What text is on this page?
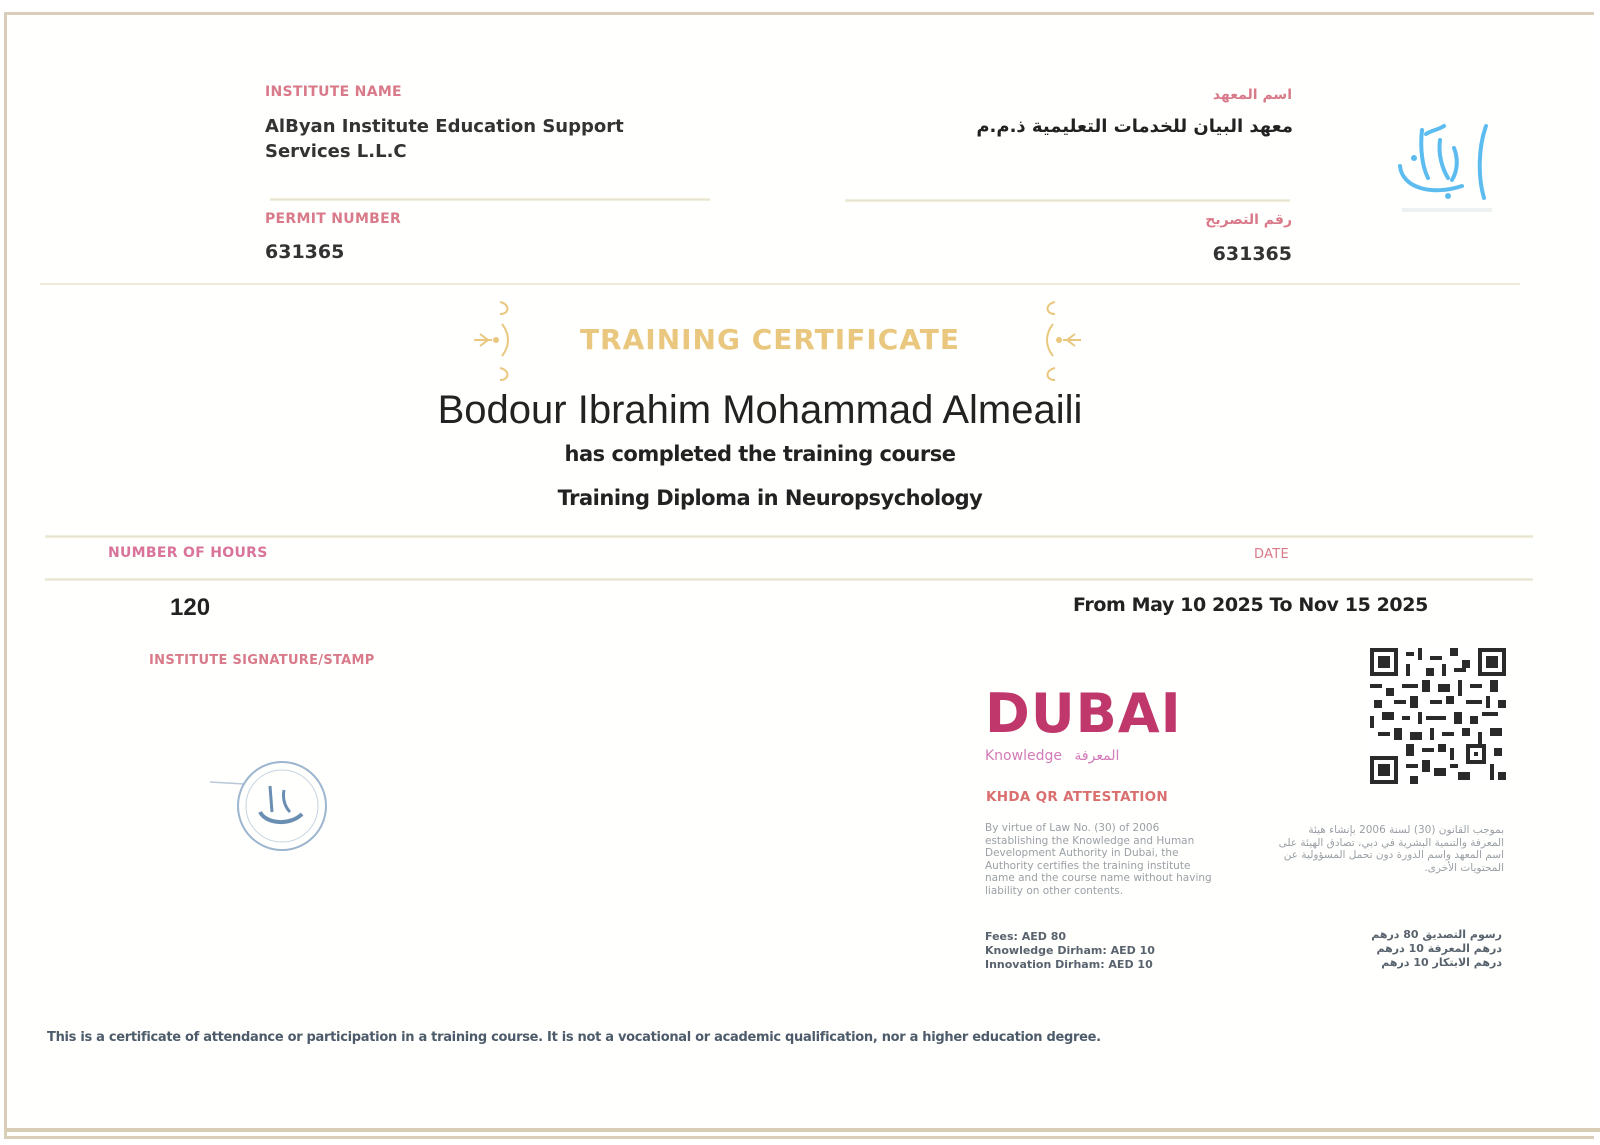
INSTITUTE NAME
AlByan Institute Education Support
Services L.L.C
PERMIT NUMBER
631365
اسم المعهد
معهد البيان للخدمات التعليمية ذ.م.م
رقم التصريح
631365
TRAINING CERTIFICATE
Bodour Ibrahim Mohammad Almeaili
has completed the training course
Training Diploma in Neuropsychology
NUMBER OF HOURS	DATE
120	From May 10 2025 To Nov 15 2025
INSTITUTE SIGNATURE/STAMP
DUBAI
Knowledge المعرفة
KHDA QR ATTESTATION
By virtue of Law No. (30) of 2006 establishing the Knowledge and Human Development Authority in Dubai, the Authority certifies the training institute name and the course name without having liability on other contents.
بموجب القانون (30) لسنة 2006 بإنشاء هيئة المعرفة والتنمية البشرية في دبي، تصادق الهيئة على اسم المعهد واسم الدورة دون تحمل المسؤولية عن المحتويات الأخرى.
Fees: AED 80
Knowledge Dirham: AED 10
Innovation Dirham: AED 10
رسوم التصديق 80 درهم
درهم المعرفة 10 درهم
درهم الابتكار 10 درهم
This is a certificate of attendance or participation in a training course. It is not a vocational or academic qualification, nor a higher education degree.
